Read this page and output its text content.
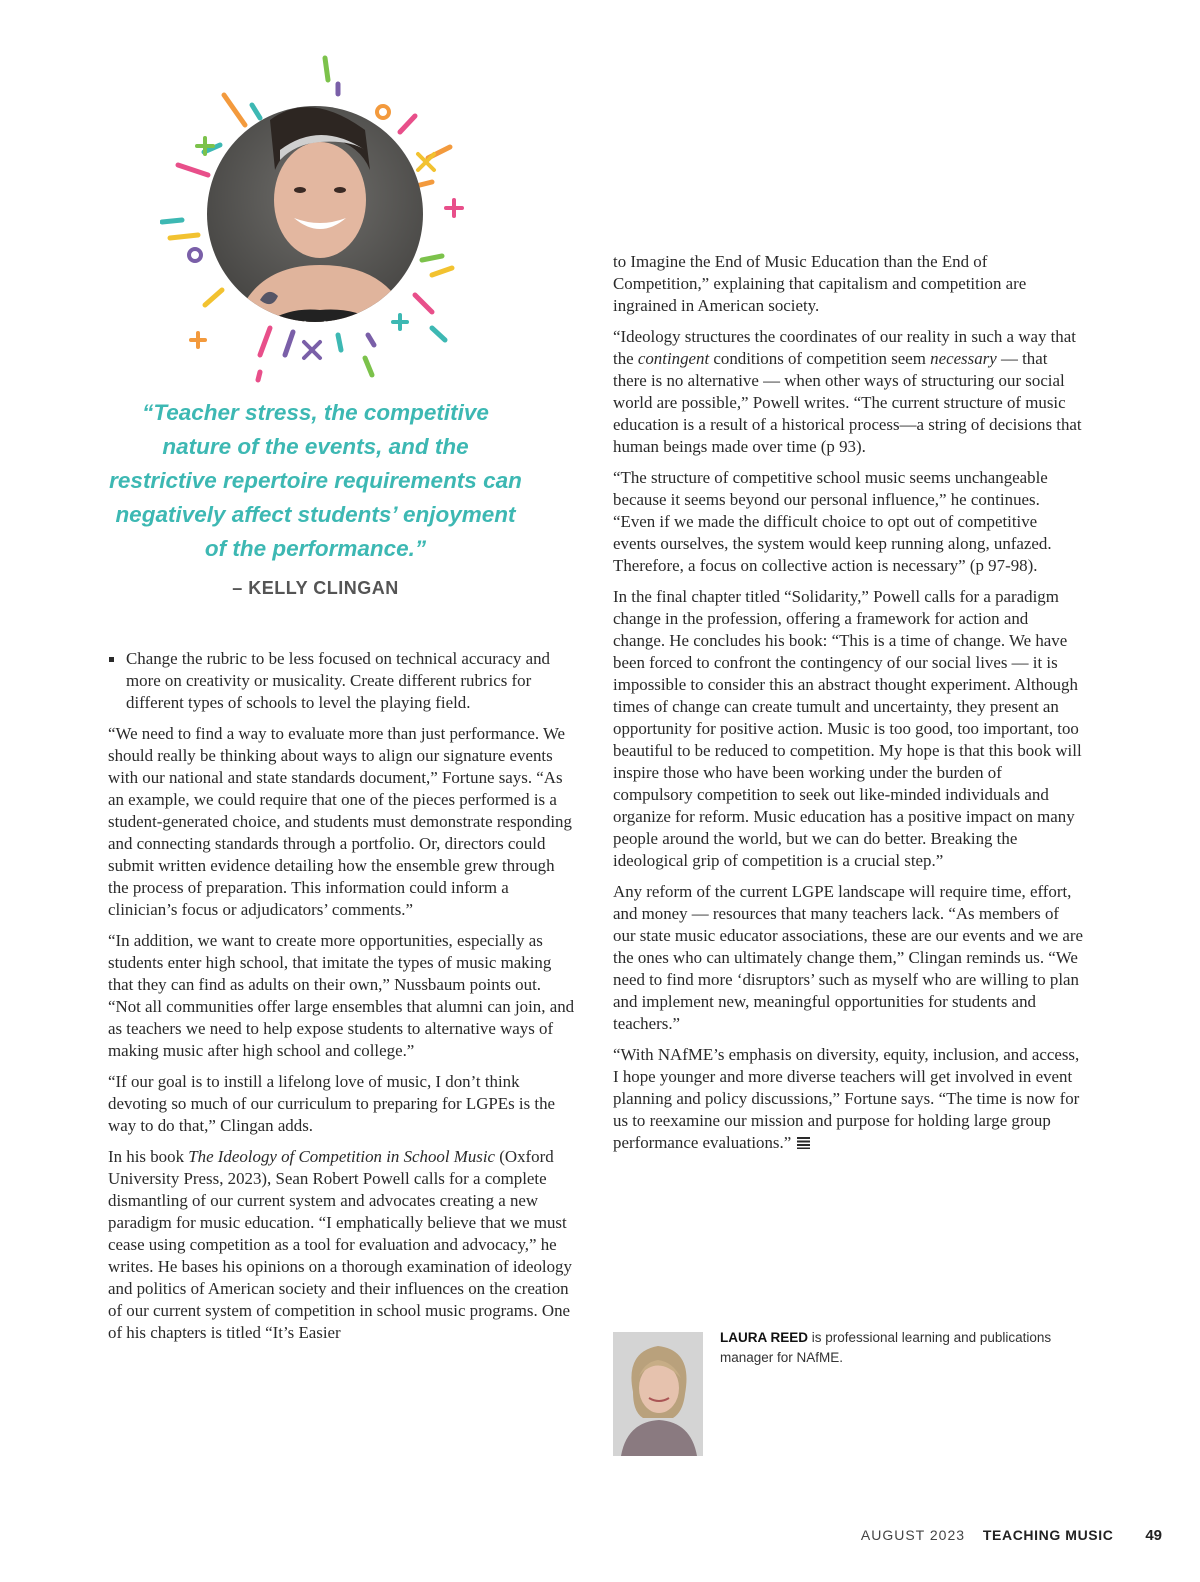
“Teacher stress, the competitive nature of the events, and the restrictive repertoire requirements can negatively affect students’ enjoyment of the performance.”

– KELLY CLINGAN

Change the rubric to be less focused on technical accuracy and more on creativity or musicality. Create different rubrics for different types of schools to level the playing field.

“We need to find a way to evaluate more than just performance. We should really be thinking about ways to align our signature events with our national and state standards document,” Fortune says. “As an example, we could require that one of the pieces performed is a student-generated choice, and students must demonstrate responding and connecting standards through a portfolio. Or, directors could submit written evidence detailing how the ensemble grew through the process of preparation. This information could inform a clinician’s focus or adjudicators’ comments.”

“In addition, we want to create more opportunities, especially as students enter high school, that imitate the types of music making that they can find as adults on their own,” Nussbaum points out. “Not all communities offer large ensembles that alumni can join, and as teachers we need to help expose students to alternative ways of making music after high school and college.”

“If our goal is to instill a lifelong love of music, I don’t think devoting so much of our curriculum to preparing for LGPEs is the way to do that,” Clingan adds.

In his book The Ideology of Competition in School Music (Oxford University Press, 2023), Sean Robert Powell calls for a complete dismantling of our current system and advocates creating a new paradigm for music education. “I emphatically believe that we must cease using competition as a tool for evaluation and advocacy,” he writes. He bases his opinions on a thorough examination of ideology and politics of American society and their influences on the creation of our current system of competition in school music programs. One of his chapters is titled “It’s Easier

to Imagine the End of Music Education than the End of Competition,” explaining that capitalism and competition are ingrained in American society.

“Ideology structures the coordinates of our reality in such a way that the contingent conditions of competition seem necessary — that there is no alternative — when other ways of structuring our social world are possible,” Powell writes. “The current structure of music education is a result of a historical process—a string of decisions that human beings made over time (p 93).

“The structure of competitive school music seems unchangeable because it seems beyond our personal influence,” he continues. “Even if we made the difficult choice to opt out of competitive events ourselves, the system would keep running along, unfazed. Therefore, a focus on collective action is necessary” (p 97-98).

In the final chapter titled “Solidarity,” Powell calls for a paradigm change in the profession, offering a framework for action and change. He concludes his book: “This is a time of change. We have been forced to confront the contingency of our social lives — it is impossible to consider this an abstract thought experiment. Although times of change can create tumult and uncertainty, they present an opportunity for positive action. Music is too good, too important, too beautiful to be reduced to competition. My hope is that this book will inspire those who have been working under the burden of compulsory competition to seek out like-minded individuals and organize for reform. Music education has a positive impact on many people around the world, but we can do better. Breaking the ideological grip of competition is a crucial step.”

Any reform of the current LGPE landscape will require time, effort, and money — resources that many teachers lack. “As members of our state music educator associations, these are our events and we are the ones who can ultimately change them,” Clingan reminds us. “We need to find more ‘disruptors’ such as myself who are willing to plan and implement new, meaningful opportunities for students and teachers.”

“With NAfME’s emphasis on diversity, equity, inclusion, and access, I hope younger and more diverse teachers will get involved in event planning and policy discussions,” Fortune says. “The time is now for us to reexamine our mission and purpose for holding large group performance evaluations.”

LAURA REED is professional learning and publications manager for NAfME.
AUGUST 2023 TEACHING MUSIC 49
